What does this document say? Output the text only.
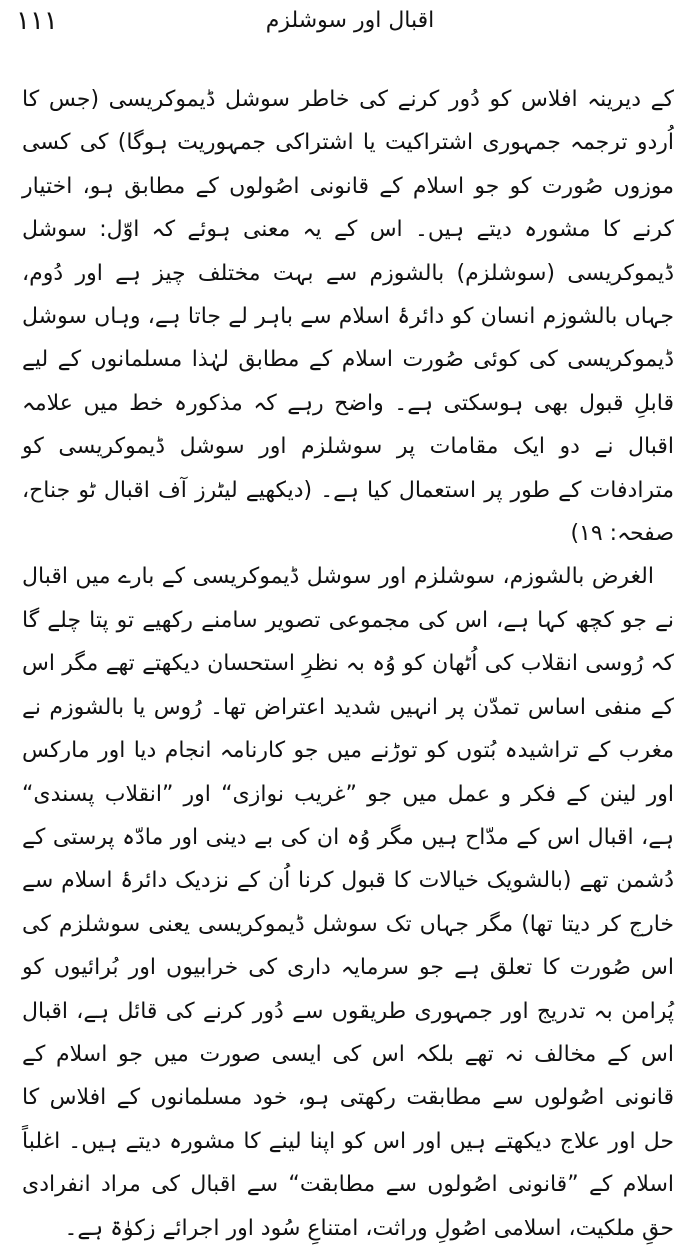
۱۱۱	اقبال اور سوشلزم

کے دیرینہ افلاس کو دُور کرنے کی خاطر سوشل ڈیموکریسی (جس کا اُردو ترجمہ جمہوری اشتراکیت یا اشتراکی جمہوریت ہوگا) کی کسی موزوں صُورت کو جو اسلام کے قانونی اصُولوں کے مطابق ہو، اختیار کرنے کا مشورہ دیتے ہیں۔ اس کے یہ معنی ہوئے کہ اوّل: سوشل ڈیموکریسی (سوشلزم) بالشوزم سے بہت مختلف چیز ہے اور دُوم، جہاں بالشوزم انسان کو دائرۂ اسلام سے باہر لے جاتا ہے، وہاں سوشل ڈیموکریسی کی کوئی صُورت اسلام کے مطابق لہٰذا مسلمانوں کے لیے قابلِ قبول بھی ہوسکتی ہے۔ واضح رہے کہ مذکورہ خط میں علامہ اقبال نے دو ایک مقامات پر سوشلزم اور سوشل ڈیموکریسی کو مترادفات کے طور پر استعمال کیا ہے۔ (دیکھیے لیٹرز آف اقبال ٹو جناح، صفحہ: ۱۹)

الغرض بالشوزم، سوشلزم اور سوشل ڈیموکریسی کے بارے میں اقبال نے جو کچھ کہا ہے، اس کی مجموعی تصویر سامنے رکھیے تو پتا چلے گا کہ رُوسی انقلاب کی اُٹھان کو وُہ بہ نظرِ استحسان دیکھتے تھے مگر اس کے منفی اساس تمدّن پر انہیں شدید اعتراض تھا۔ رُوس یا بالشوزم نے مغرب کے تراشیدہ بُتوں کو توڑنے میں جو کارنامہ انجام دیا اور مارکس اور لینن کے فکر و عمل میں جو ”غریب نوازی“ اور ”انقلاب پسندی“ ہے، اقبال اس کے مدّاح ہیں مگر وُہ ان کی بے دینی اور مادّہ پرستی کے دُشمن تھے (بالشویک خیالات کا قبول کرنا اُن کے نزدیک دائرۂ اسلام سے خارج کر دیتا تھا) مگر جہاں تک سوشل ڈیموکریسی یعنی سوشلزم کی اس صُورت کا تعلق ہے جو سرمایہ داری کی خرابیوں اور بُرائیوں کو پُرامن بہ تدریج اور جمہوری طریقوں سے دُور کرنے کی قائل ہے، اقبال اس کے مخالف نہ تھے بلکہ اس کی ایسی صورت میں جو اسلام کے قانونی اصُولوں سے مطابقت رکھتی ہو، خود مسلمانوں کے افلاس کا حل اور علاج دیکھتے ہیں اور اس کو اپنا لینے کا مشورہ دیتے ہیں۔ اغلباً اسلام کے ”قانونی اصُولوں سے مطابقت“ سے اقبال کی مراد انفرادی حقِ ملکیت، اسلامی اصُولِ وراثت، امتناعِ سُود اور اجرائے زکوٰۃ ہے۔
